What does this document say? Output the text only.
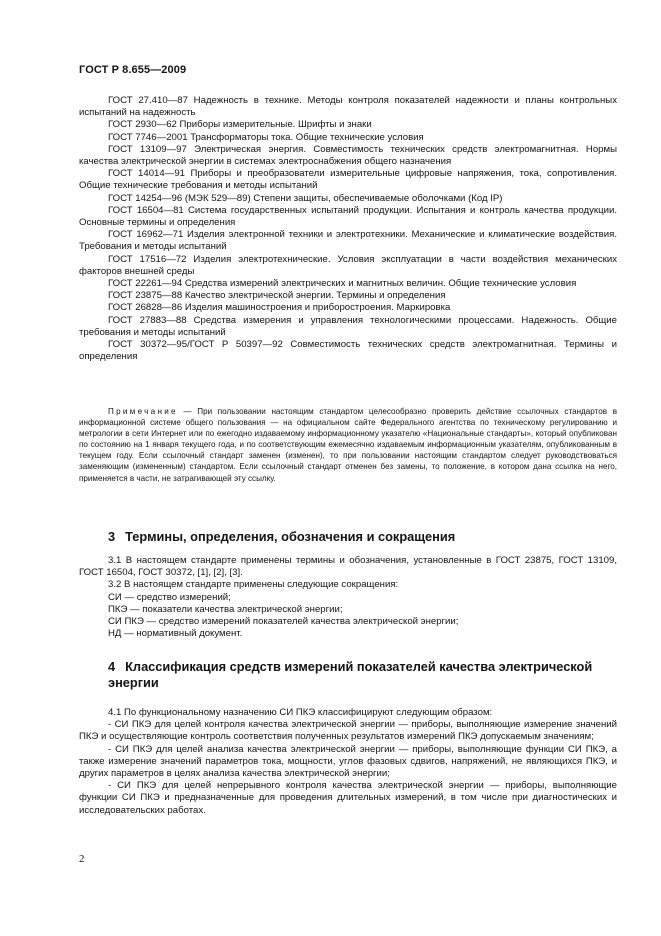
ГОСТ Р 8.655—2009

ГОСТ 27.410—87 Надежность в технике. Методы контроля показателей надежности и планы контрольных испытаний на надежность

ГОСТ 2930—62 Приборы измерительные. Шрифты и знаки

ГОСТ 7746—2001 Трансформаторы тока. Общие технические условия

ГОСТ 13109—97 Электрическая энергия. Совместимость технических средств электромагнитная. Нормы качества электрической энергии в системах электроснабжения общего назначения

ГОСТ 14014—91 Приборы и преобразователи измерительные цифровые напряжения, тока, сопротивления. Общие технические требования и методы испытаний

ГОСТ 14254—96 (МЭК 529—89) Степени защиты, обеспечиваемые оболочками (Код IP)

ГОСТ 16504—81 Система государственных испытаний продукции. Испытания и контроль качества продукции. Основные термины и определения

ГОСТ 16962—71 Изделия электронной техники и электротехники. Механические и климатические воздействия. Требования и методы испытаний

ГОСТ 17516—72 Изделия электротехнические. Условия эксплуатации в части воздействия механических факторов внешней среды

ГОСТ 22261—94 Средства измерений электрических и магнитных величин. Общие технические условия

ГОСТ 23875—88 Качество электрической энергии. Термины и определения

ГОСТ 26828—86 Изделия машиностроения и приборостроения. Маркировка

ГОСТ 27883—88 Средства измерения и управления технологическими процессами. Надежность. Общие требования и методы испытаний

ГОСТ 30372—95/ГОСТ Р 50397—92 Совместимость технических средств электромагнитная. Термины и определения

Примечание — При пользовании настоящим стандартом целесообразно проверить действие ссылочных стандартов в информационной системе общего пользования — на официальном сайте Федерального агентства по техническому регулированию и метрологии в сети Интернет или по ежегодно издаваемому информационному указателю «Национальные стандарты», который опубликован по состоянию на 1 января текущего года, и по соответствующим ежемесячно издаваемым информационным указателям, опубликованным в текущем году. Если ссылочный стандарт заменен (изменен), то при пользовании настоящим стандартом следует руководствоваться заменяющим (измененным) стандартом. Если ссылочный стандарт отменен без замены, то положение, в котором дана ссылка на него, применяется в части, не затрагивающей эту ссылку.

3 Термины, определения, обозначения и сокращения

3.1 В настоящем стандарте применены термины и обозначения, установленные в ГОСТ 23875, ГОСТ 13109, ГОСТ 16504, ГОСТ 30372, [1], [2], [3].

3.2 В настоящем стандарте применены следующие сокращения:

СИ — средство измерений;

ПКЭ — показатели качества электрической энергии;

СИ ПКЭ — средство измерений показателей качества электрической энергии;

НД — нормативный документ.

4 Классификация средств измерений показателей качества электрической
энергии

4.1 По функциональному назначению СИ ПКЭ классифицируют следующим образом:

- СИ ПКЭ для целей контроля качества электрической энергии — приборы, выполняющие измерение значений ПКЭ и осуществляющие контроль соответствия полученных результатов измерений ПКЭ допускаемым значениям;

- СИ ПКЭ для целей анализа качества электрической энергии — приборы, выполняющие функции СИ ПКЭ, а также измерение значений параметров тока, мощности, углов фазовых сдвигов, напряжений, не являющихся ПКЭ, и других параметров в целях анализа качества электрической энергии;

- СИ ПКЭ для целей непрерывного контроля качества электрической энергии — приборы, выполняющие функции СИ ПКЭ и предназначенные для проведения длительных измерений, в том числе при диагностических и исследовательских работах.

2
